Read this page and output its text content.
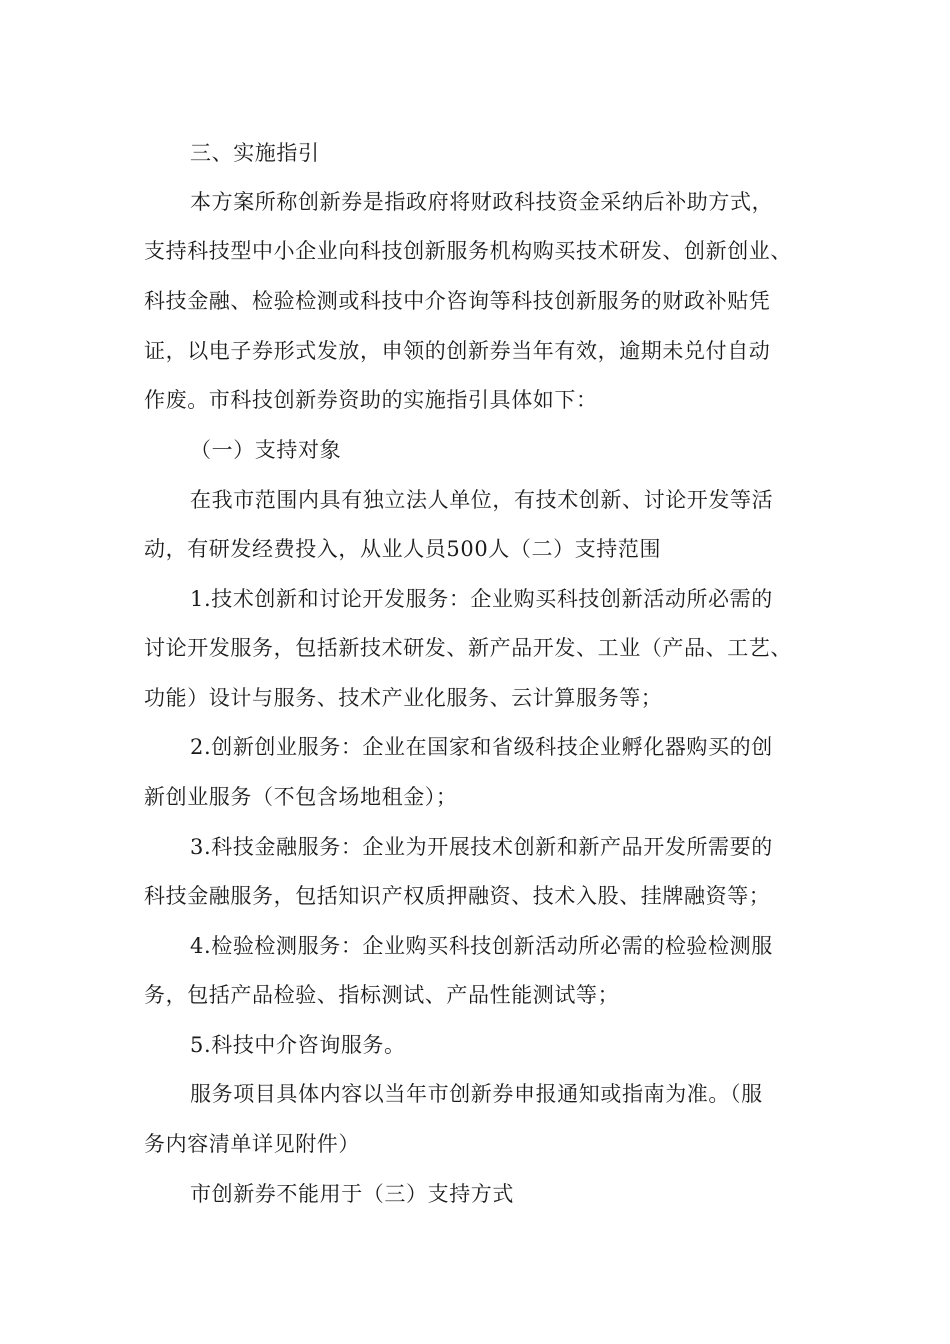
三、实施指引
本方案所称创新券是指政府将财政科技资金采纳后补助方式，
支持科技型中小企业向科技创新服务机构购买技术研发、创新创业、
科技金融、检验检测或科技中介咨询等科技创新服务的财政补贴凭
证，以电子券形式发放，申领的创新券当年有效，逾期未兑付自动
作废。市科技创新券资助的实施指引具体如下：
（一）支持对象
在我市范围内具有独立法人单位，有技术创新、讨论开发等活
动，有研发经费投入，从业人员500人（二）支持范围
1.技术创新和讨论开发服务：企业购买科技创新活动所必需的
讨论开发服务，包括新技术研发、新产品开发、工业（产品、工艺、
功能）设计与服务、技术产业化服务、云计算服务等；
2.创新创业服务：企业在国家和省级科技企业孵化器购买的创
新创业服务（不包含场地租金）；
3.科技金融服务：企业为开展技术创新和新产品开发所需要的
科技金融服务，包括知识产权质押融资、技术入股、挂牌融资等；
4.检验检测服务：企业购买科技创新活动所必需的检验检测服
务，包括产品检验、指标测试、产品性能测试等；
5.科技中介咨询服务。
服务项目具体内容以当年市创新券申报通知或指南为准。（服
务内容清单详见附件）
市创新券不能用于（三）支持方式
